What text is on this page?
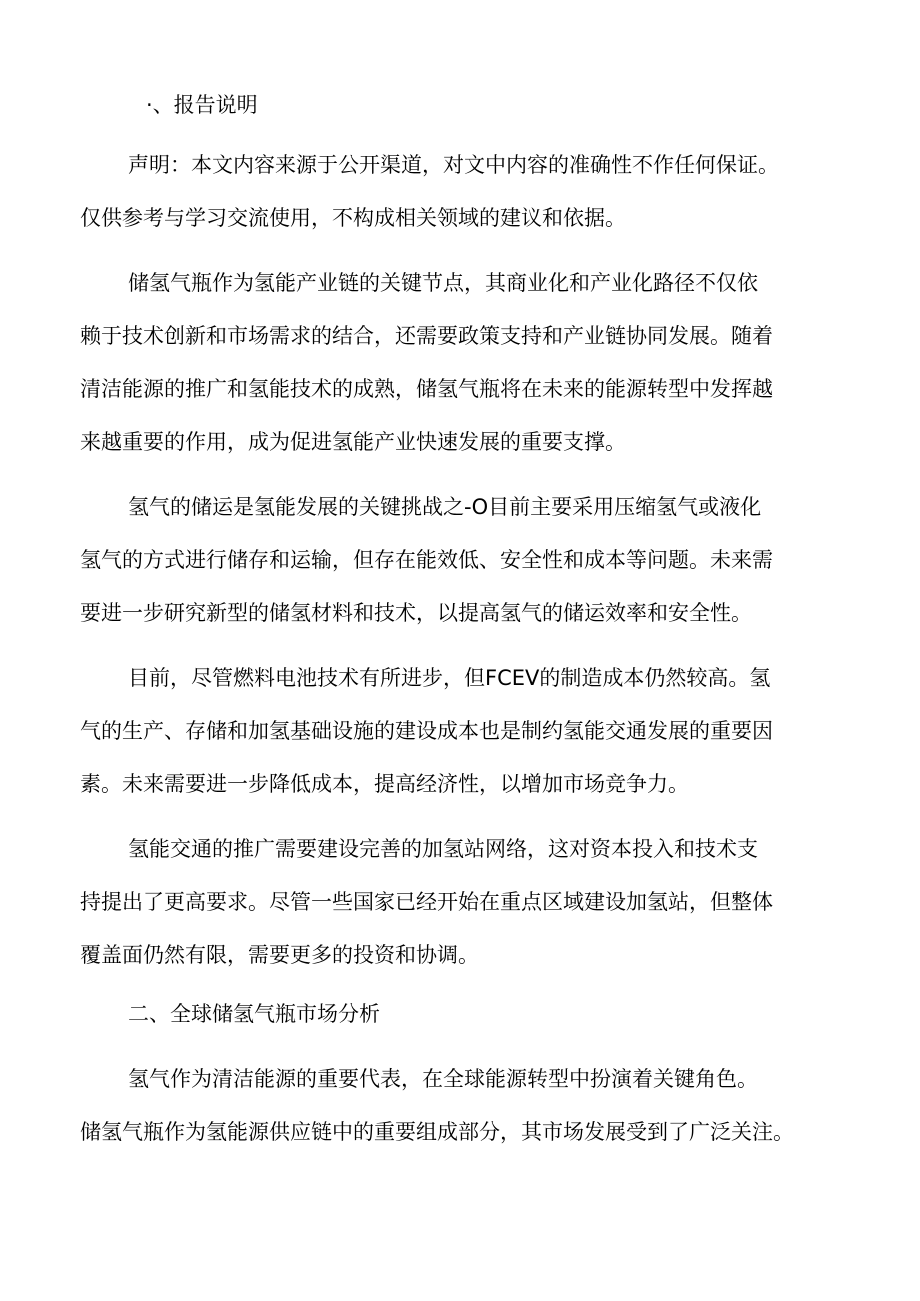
·、报告说明
声明：本文内容来源于公开渠道，对文中内容的准确性不作任何保证。
仅供参考与学习交流使用，不构成相关领域的建议和依据。
储氢气瓶作为氢能产业链的关键节点，其商业化和产业化路径不仅依
赖于技术创新和市场需求的结合，还需要政策支持和产业链协同发展。随着
清洁能源的推广和氢能技术的成熟，储氢气瓶将在未来的能源转型中发挥越
来越重要的作用，成为促进氢能产业快速发展的重要支撑。
氢气的储运是氢能发展的关键挑战之-O目前主要采用压缩氢气或液化
氢气的方式进行储存和运输，但存在能效低、安全性和成本等问题。未来需
要进一步研究新型的储氢材料和技术，以提高氢气的储运效率和安全性。
目前，尽管燃料电池技术有所进步，但FCEV的制造成本仍然较高。氢
气的生产、存储和加氢基础设施的建设成本也是制约氢能交通发展的重要因
素。未来需要进一步降低成本，提高经济性，以增加市场竞争力。
氢能交通的推广需要建设完善的加氢站网络，这对资本投入和技术支
持提出了更高要求。尽管一些国家已经开始在重点区域建设加氢站，但整体
覆盖面仍然有限，需要更多的投资和协调。
二、全球储氢气瓶市场分析
氢气作为清洁能源的重要代表，在全球能源转型中扮演着关键角色。
储氢气瓶作为氢能源供应链中的重要组成部分，其市场发展受到了广泛关注。
